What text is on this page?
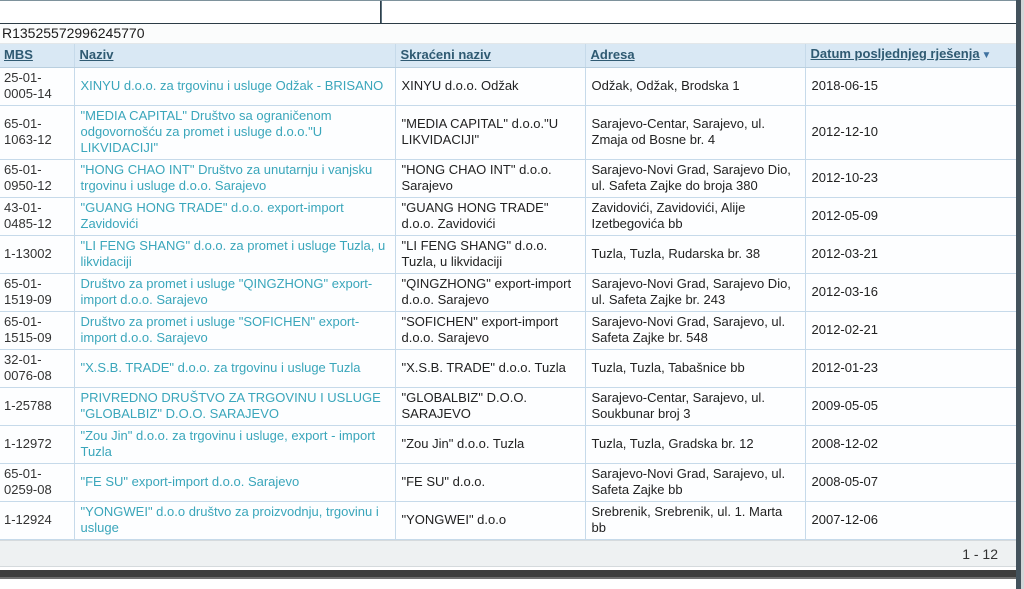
Rezultati pretrage	Promjena parametara pretrage
R13525572996245770
MBS	Naziv	Skraćeni naziv	Adresa	Datum posljednjeg rješenja ▼
25-01-0005-14	XINYU d.o.o. za trgovinu i usluge Odžak - BRISANO	XINYU d.o.o. Odžak	Odžak, Odžak, Brodska 1	2018-06-15
65-01-1063-12	"MEDIA CAPITAL" Društvo sa ograničenom odgovornošću za promet i usluge d.o.o."U LIKVIDACIJI"	"MEDIA CAPITAL" d.o.o."U LIKVIDACIJI"	Sarajevo-Centar, Sarajevo, ul. Zmaja od Bosne br. 4	2012-12-10
65-01-0950-12	"HONG CHAO INT" Društvo za unutarnju i vanjsku trgovinu i usluge d.o.o. Sarajevo	"HONG CHAO INT" d.o.o. Sarajevo	Sarajevo-Novi Grad, Sarajevo Dio, ul. Safeta Zajke do broja 380	2012-10-23
43-01-0485-12	"GUANG HONG TRADE" d.o.o. export-import Zavidovići	"GUANG HONG TRADE" d.o.o. Zavidovići	Zavidovići, Zavidovići, Alije Izetbegovića bb	2012-05-09
1-13002	"LI FENG SHANG" d.o.o. za promet i usluge Tuzla, u likvidaciji	"LI FENG SHANG" d.o.o. Tuzla, u likvidaciji	Tuzla, Tuzla, Rudarska br. 38	2012-03-21
65-01-1519-09	Društvo za promet i usluge "QINGZHONG" export-import d.o.o. Sarajevo	"QINGZHONG" export-import d.o.o. Sarajevo	Sarajevo-Novi Grad, Sarajevo Dio, ul. Safeta Zajke br. 243	2012-03-16
65-01-1515-09	Društvo za promet i usluge "SOFICHEN" export-import d.o.o. Sarajevo	"SOFICHEN" export-import d.o.o. Sarajevo	Sarajevo-Novi Grad, Sarajevo, ul. Safeta Zajke br. 548	2012-02-21
32-01-0076-08	"X.S.B. TRADE" d.o.o. za trgovinu i usluge Tuzla	"X.S.B. TRADE" d.o.o. Tuzla	Tuzla, Tuzla, Tabašnice bb	2012-01-23
1-25788	PRIVREDNO DRUŠTVO ZA TRGOVINU I USLUGE "GLOBALBIZ" D.O.O. SARAJEVO	"GLOBALBIZ" D.O.O. SARAJEVO	Sarajevo-Centar, Sarajevo, ul. Soukbunar broj 3	2009-05-05
1-12972	"Zou Jin" d.o.o. za trgovinu i usluge, export - import Tuzla	"Zou Jin" d.o.o. Tuzla	Tuzla, Tuzla, Gradska br. 12	2008-12-02
65-01-0259-08	"FE SU" export-import d.o.o. Sarajevo	"FE SU" d.o.o.	Sarajevo-Novi Grad, Sarajevo, ul. Safeta Zajke bb	2008-05-07
1-12924	"YONGWEI" d.o.o društvo za proizvodnju, trgovinu i usluge	"YONGWEI" d.o.o	Srebrenik, Srebrenik, ul. 1. Marta bb	2007-12-06
1 - 12
